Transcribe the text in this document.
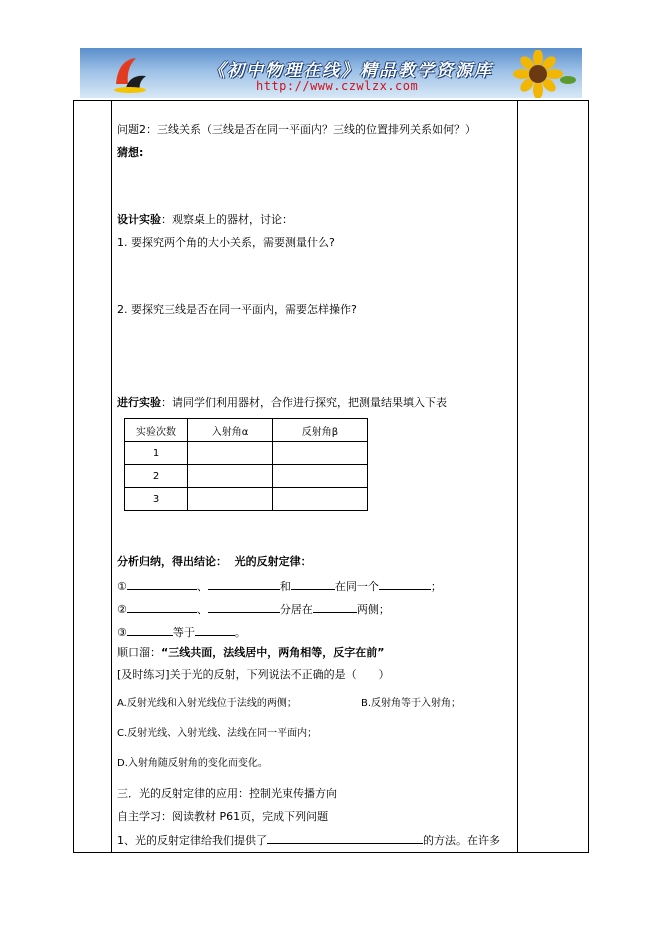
《初中物理在线》精品教学资源库
http://www.czwlzx.com
问题2：三线关系（三线是否在同一平面内？三线的位置排列关系如何？）
猜想:
设计实验：观察桌上的器材，讨论：
1. 要探究两个角的大小关系，需要测量什么?
2. 要探究三线是否在同一平面内，需要怎样操作?
进行实验：请同学们利用器材，合作进行探究，把测量结果填入下表
分析归纳，得出结论： 光的反射定律：
①	、	和	在同一个	；
②	、	分居在	两侧；
③	等于	。
顺口溜：“三线共面，法线居中，两角相等，反字在前”
[及时练习]关于光的反射，下列说法不正确的是（　　）
A.反射光线和入射光线位于法线的两侧；	B.反射角等于入射角；
C.反射光线、入射光线、法线在同一平面内；
D.入射角随反射角的变化而变化。
三．光的反射定律的应用：控制光束传播方向
自主学习：阅读教材 P61页，完成下列问题
1、光的反射定律给我们提供了	的方法。在许多
实验次数	入射角α	反射角β
1		
2		
3		
